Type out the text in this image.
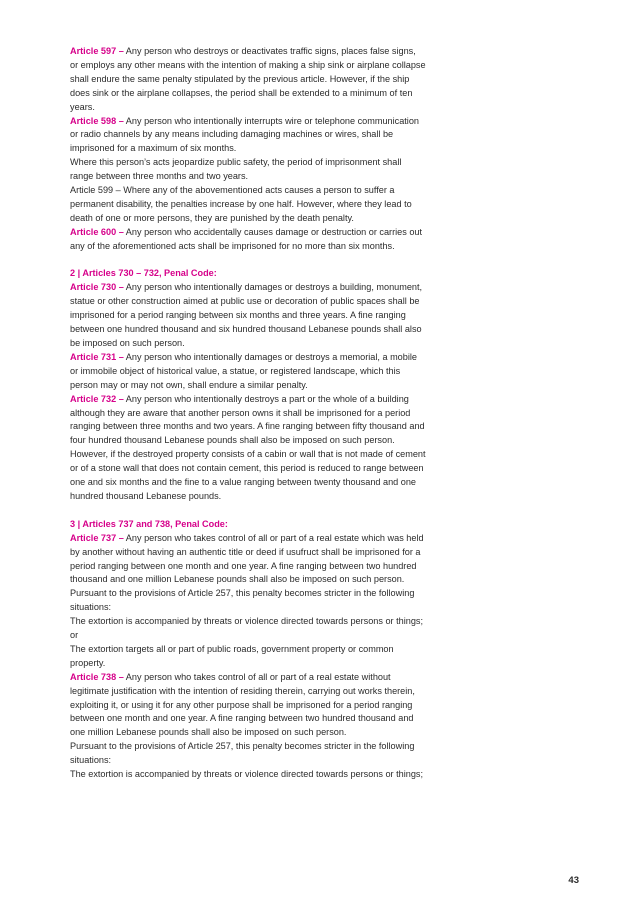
Article 597 – Any person who destroys or deactivates traffic signs, places false signs, or employs any other means with the intention of making a ship sink or airplane collapse shall endure the same penalty stipulated by the previous article. However, if the ship does sink or the airplane collapses, the period shall be extended to a minimum of ten years.

Article 598 – Any person who intentionally interrupts wire or telephone communication or radio channels by any means including damaging machines or wires, shall be imprisoned for a maximum of six months.

Where this person’s acts jeopardize public safety, the period of imprisonment shall range between three months and two years.

Article 599 – Where any of the abovementioned acts causes a person to suffer a permanent disability, the penalties increase by one half. However, where they lead to death of one or more persons, they are punished by the death penalty.

Article 600 – Any person who accidentally causes damage or destruction or carries out any of the aforementioned acts shall be imprisoned for no more than six months.

2 | Articles 730 – 732, Penal Code:

Article 730 – Any person who intentionally damages or destroys a building, monument, statue or other construction aimed at public use or decoration of public spaces shall be imprisoned for a period ranging between six months and three years. A fine ranging between one hundred thousand and six hundred thousand Lebanese pounds shall also be imposed on such person.

Article 731 – Any person who intentionally damages or destroys a memorial, a mobile or immobile object of historical value, a statue, or registered landscape, which this person may or may not own, shall endure a similar penalty.

Article 732 – Any person who intentionally destroys a part or the whole of a building although they are aware that another person owns it shall be imprisoned for a period ranging between three months and two years. A fine ranging between fifty thousand and four hundred thousand Lebanese pounds shall also be imposed on such person.

However, if the destroyed property consists of a cabin or wall that is not made of cement or of a stone wall that does not contain cement, this period is reduced to range between one and six months and the fine to a value ranging between twenty thousand and one hundred thousand Lebanese pounds.

3 | Articles 737 and 738, Penal Code:

Article 737 – Any person who takes control of all or part of a real estate which was held by another without having an authentic title or deed if usufruct shall be imprisoned for a period ranging between one month and one year. A fine ranging between two hundred thousand and one million Lebanese pounds shall also be imposed on such person.

Pursuant to the provisions of Article 257, this penalty becomes stricter in the following situations:

The extortion is accompanied by threats or violence directed towards persons or things; or

The extortion targets all or part of public roads, government property or common property.

Article 738 – Any person who takes control of all or part of a real estate without legitimate justification with the intention of residing therein, carrying out works therein, exploiting it, or using it for any other purpose shall be imprisoned for a period ranging between one month and one year. A fine ranging between two hundred thousand and one million Lebanese pounds shall also be imposed on such person.

Pursuant to the provisions of Article 257, this penalty becomes stricter in the following situations:

The extortion is accompanied by threats or violence directed towards persons or things;

43
